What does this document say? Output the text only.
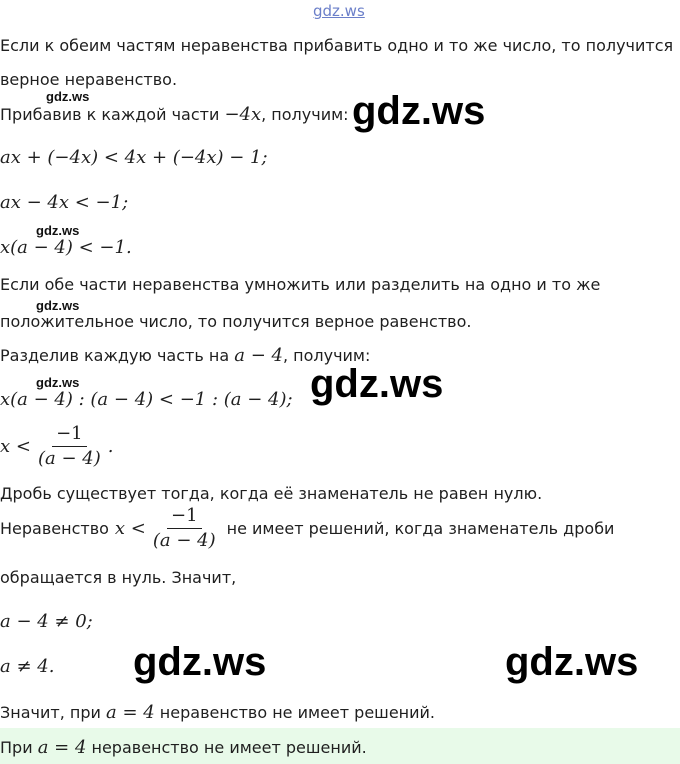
gdz.ws
Если к обеим частям неравенства прибавить одно и то же число, то получится
верное неравенство.
gdz.ws
Прибавив к каждой части −4x, получим: gdz.ws
ax + (−4x) < 4x + (−4x) − 1;
ax − 4x < −1;
gdz.ws
x(a − 4) < −1.
Если обе части неравенства умножить или разделить на одно и то же
gdz.ws
положительное число, то получится верное равенство.
Разделив каждую часть на a − 4, получим:
gdz.ws
x(a − 4) : (a − 4) < −1 : (a − 4); gdz.ws
$x < \frac{-1}{(a - 4)}$ .
Дробь существует тогда, когда её знаменатель не равен нулю.
Неравенство $x < \frac{-1}{(a - 4)}$ не имеет решений, когда знаменатель дроби
обращается в нуль. Значит,
a − 4 ≠ 0;
a ≠ 4. gdz.ws	gdz.ws
Значит, при a = 4 неравенство не имеет решений.
При a = 4 неравенство не имеет решений.
